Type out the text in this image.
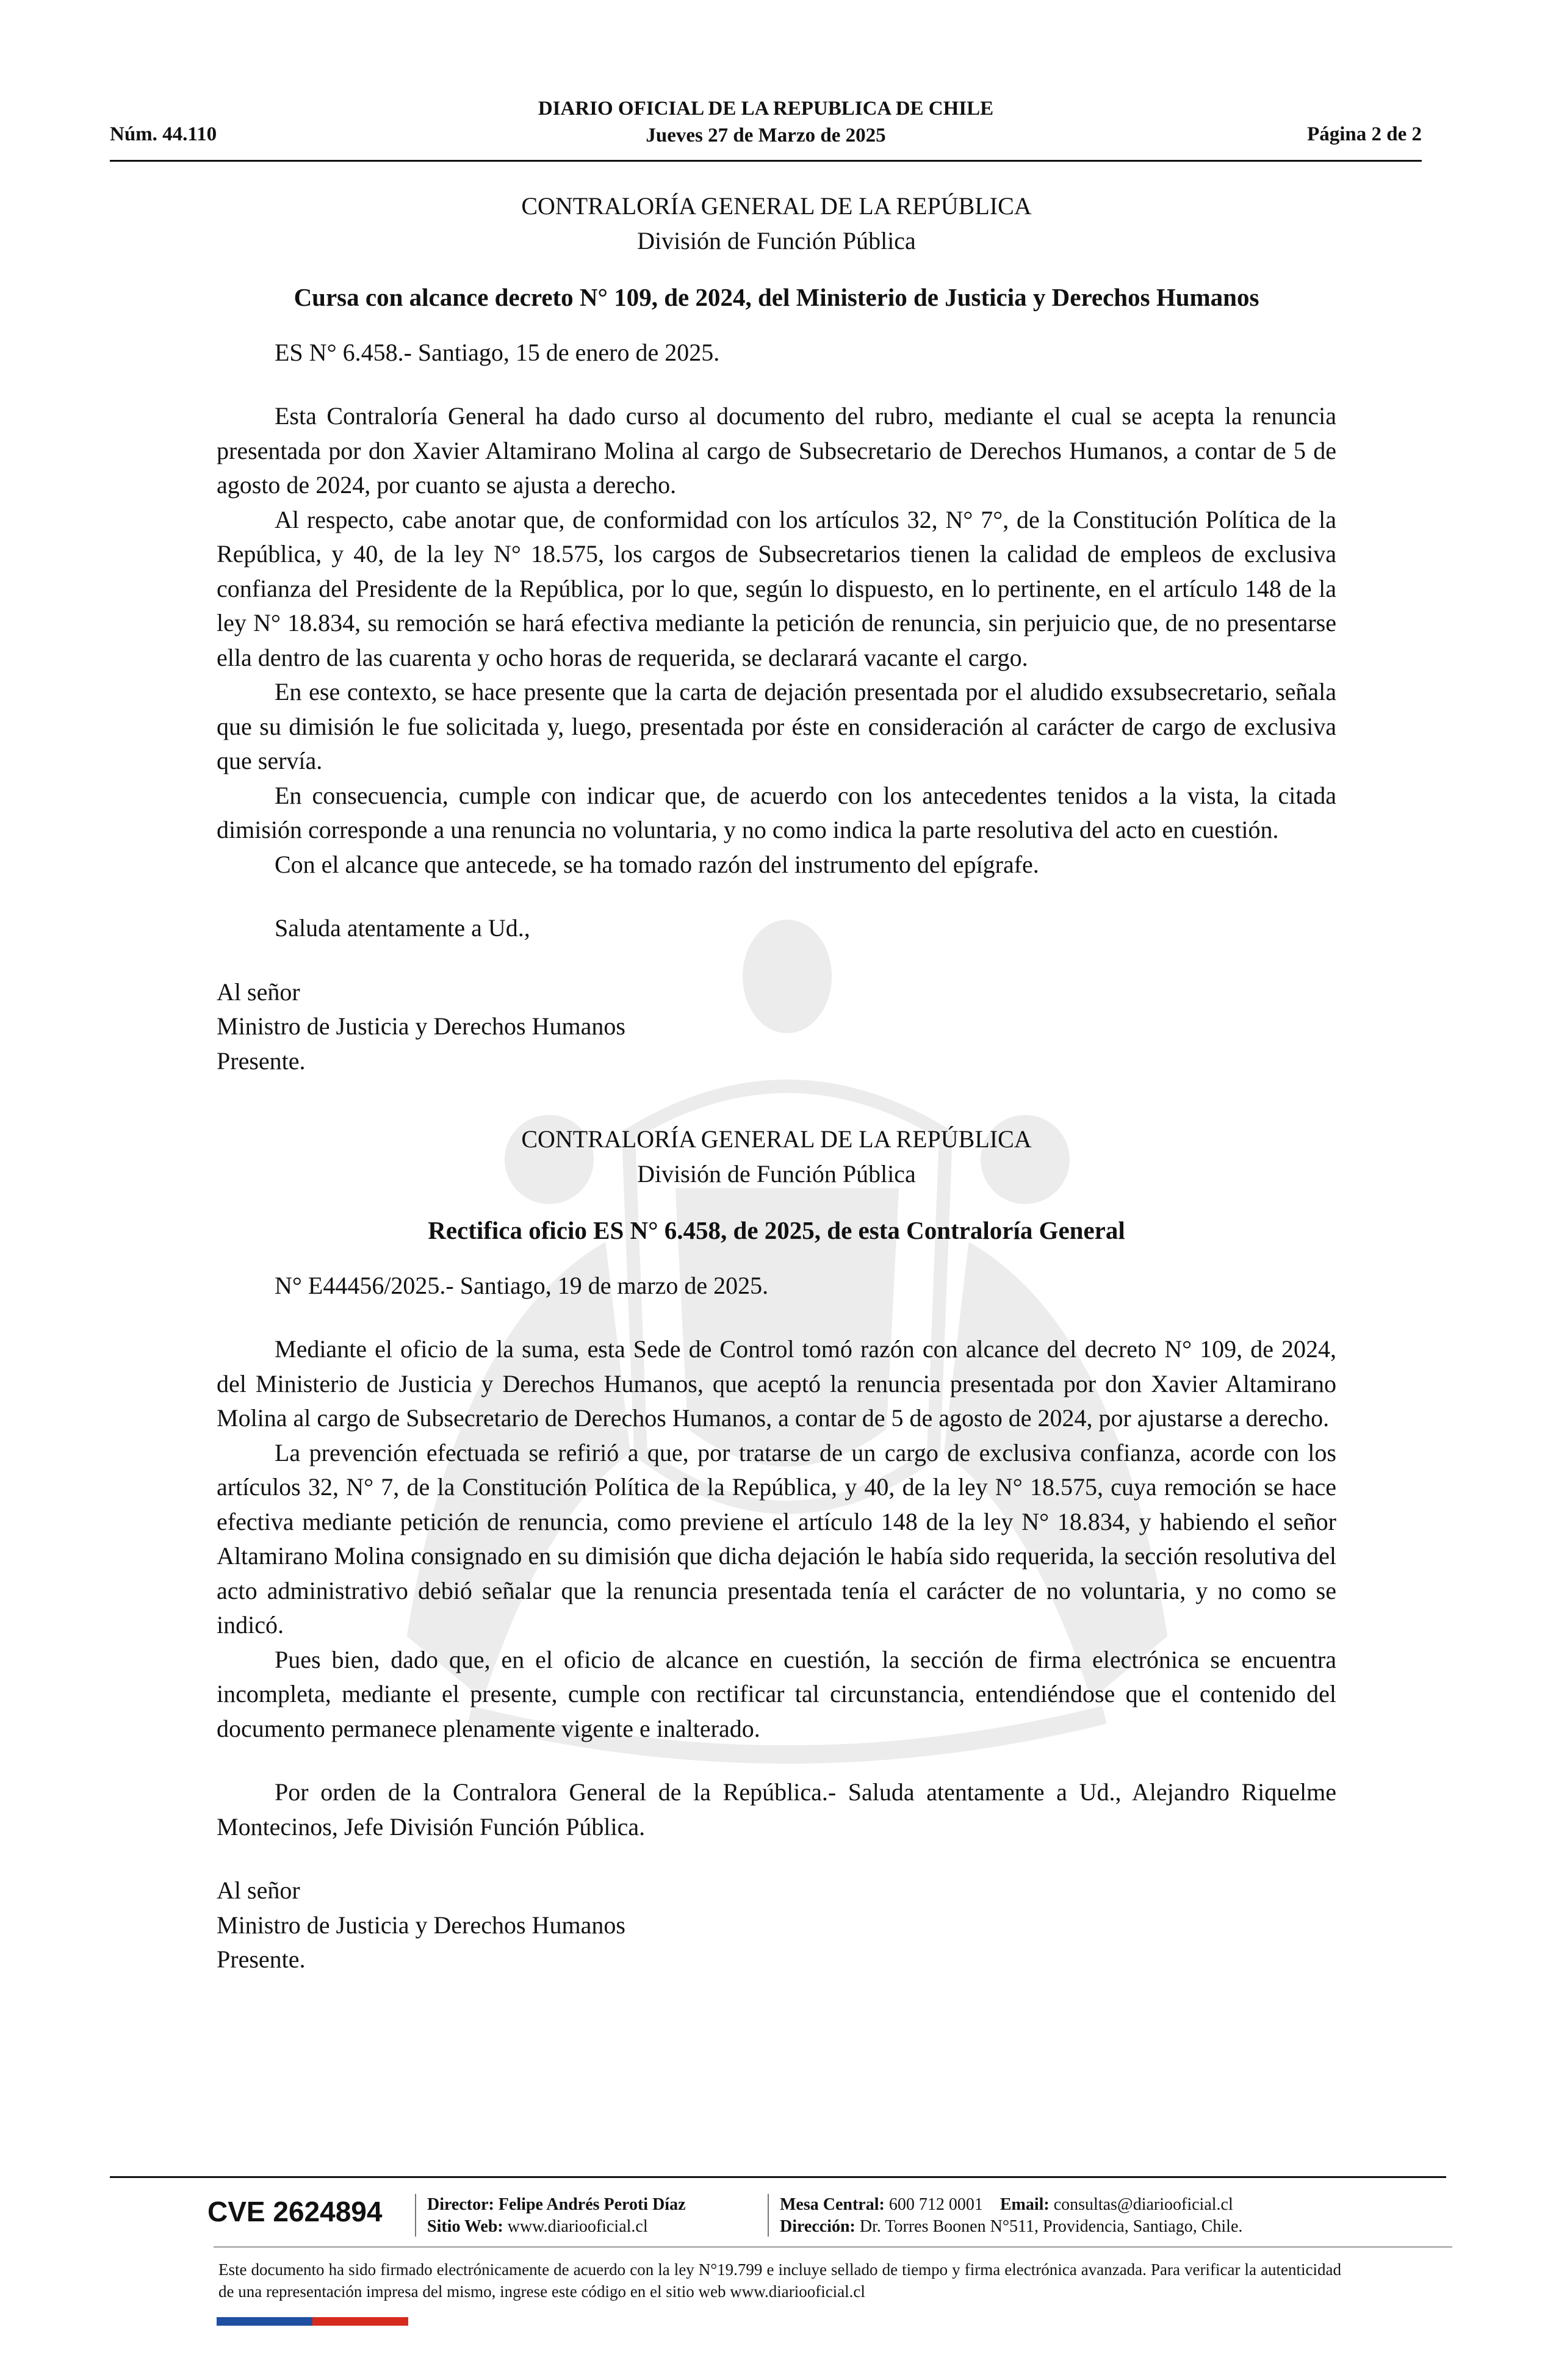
Núm. 44.110
DIARIO OFICIAL DE LA REPUBLICA DE CHILE
Jueves 27 de Marzo de 2025	Página 2 de 2
CONTRALORÍA GENERAL DE LA REPÚBLICA
División de Función Pública
Cursa con alcance decreto N° 109, de 2024, del Ministerio de Justicia y Derechos Humanos

ES N° 6.458.- Santiago, 15 de enero de 2025.

Esta Contraloría General ha dado curso al documento del rubro, mediante el cual se acepta la renuncia presentada por don Xavier Altamirano Molina al cargo de Subsecretario de Derechos Humanos, a contar de 5 de agosto de 2024, por cuanto se ajusta a derecho.

Al respecto, cabe anotar que, de conformidad con los artículos 32, N° 7°, de la Constitución Política de la República, y 40, de la ley N° 18.575, los cargos de Subsecretarios tienen la calidad de empleos de exclusiva confianza del Presidente de la República, por lo que, según lo dispuesto, en lo pertinente, en el artículo 148 de la ley N° 18.834, su remoción se hará efectiva mediante la petición de renuncia, sin perjuicio que, de no presentarse ella dentro de las cuarenta y ocho horas de requerida, se declarará vacante el cargo.

En ese contexto, se hace presente que la carta de dejación presentada por el aludido exsubsecretario, señala que su dimisión le fue solicitada y, luego, presentada por éste en consideración al carácter de cargo de exclusiva que servía.

En consecuencia, cumple con indicar que, de acuerdo con los antecedentes tenidos a la vista, la citada dimisión corresponde a una renuncia no voluntaria, y no como indica la parte resolutiva del acto en cuestión.

Con el alcance que antecede, se ha tomado razón del instrumento del epígrafe.

Saluda atentamente a Ud.,

Al señor
Ministro de Justicia y Derechos Humanos
Presente.
CONTRALORÍA GENERAL DE LA REPÚBLICA
División de Función Pública
Rectifica oficio ES N° 6.458, de 2025, de esta Contraloría General

N° E44456/2025.- Santiago, 19 de marzo de 2025.

Mediante el oficio de la suma, esta Sede de Control tomó razón con alcance del decreto N° 109, de 2024, del Ministerio de Justicia y Derechos Humanos, que aceptó la renuncia presentada por don Xavier Altamirano Molina al cargo de Subsecretario de Derechos Humanos, a contar de 5 de agosto de 2024, por ajustarse a derecho.

La prevención efectuada se refirió a que, por tratarse de un cargo de exclusiva confianza, acorde con los artículos 32, N° 7, de la Constitución Política de la República, y 40, de la ley N° 18.575, cuya remoción se hace efectiva mediante petición de renuncia, como previene el artículo 148 de la ley N° 18.834, y habiendo el señor Altamirano Molina consignado en su dimisión que dicha dejación le había sido requerida, la sección resolutiva del acto administrativo debió señalar que la renuncia presentada tenía el carácter de no voluntaria, y no como se indicó.

Pues bien, dado que, en el oficio de alcance en cuestión, la sección de firma electrónica se encuentra incompleta, mediante el presente, cumple con rectificar tal circunstancia, entendiéndose que el contenido del documento permanece plenamente vigente e inalterado.

Por orden de la Contralora General de la República.- Saluda atentamente a Ud., Alejandro Riquelme Montecinos, Jefe División Función Pública.

Al señor
Ministro de Justicia y Derechos Humanos
Presente.
CVE 2624894	Director: Felipe Andrés Peroti Díaz
Sitio Web: www.diariooficial.cl
Mesa Central: 600 712 0001 Email: consultas@diariooficial.cl
Dirección: Dr. Torres Boonen N°511, Providencia, Santiago, Chile.
Este documento ha sido firmado electrónicamente de acuerdo con la ley N°19.799 e incluye sellado de tiempo y firma electrónica avanzada. Para verificar la autenticidad de una representación impresa del mismo, ingrese este código en el sitio web www.diariooficial.cl
